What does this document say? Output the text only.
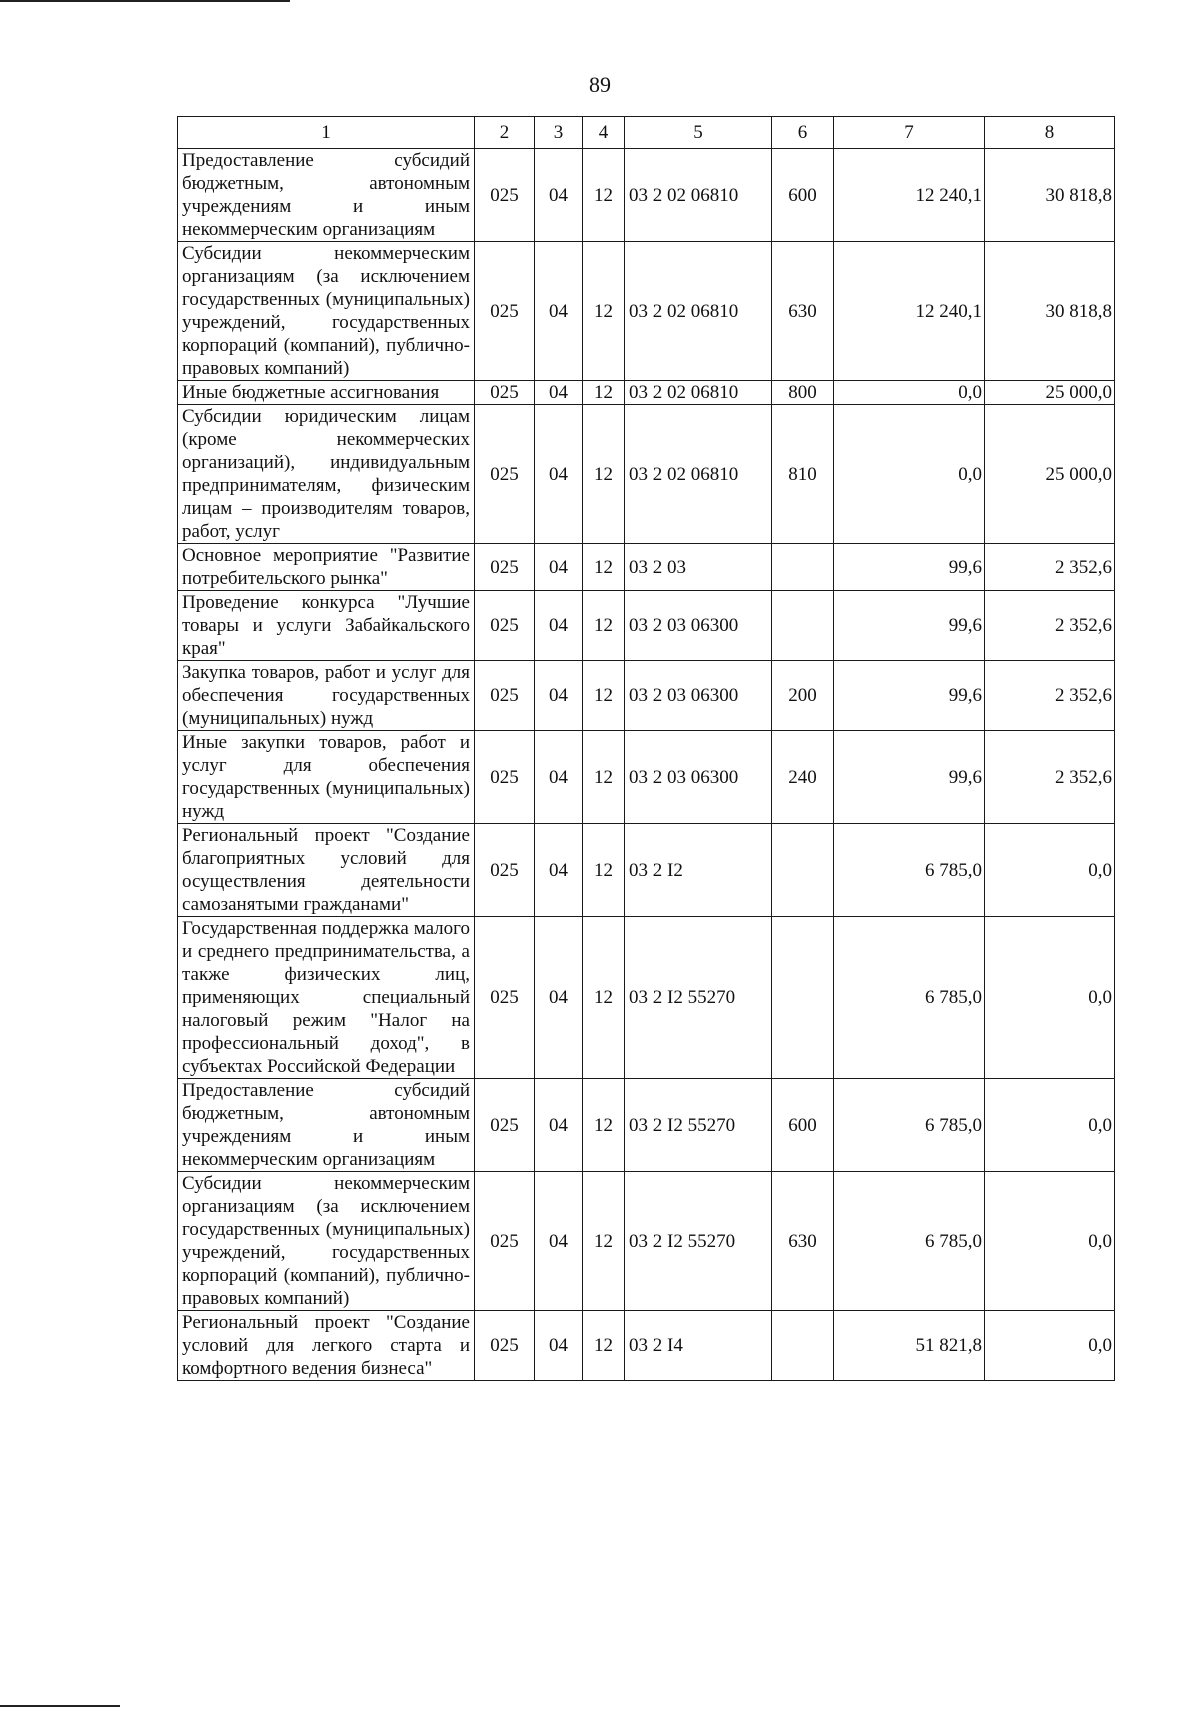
89
1	2	3	4	5	6	7	8
Предоставление субсидий бюджетным, автономным учреждениям и иным некоммерческим организациям	025	04	12	03 2 02 06810	600	12 240,1	30 818,8
Субсидии некоммерческим организациям (за исключением государственных (муниципальных) учреждений, государственных корпораций (компаний), публично-правовых компаний)	025	04	12	03 2 02 06810	630	12 240,1	30 818,8
Иные бюджетные ассигнования	025	04	12	03 2 02 06810	800	0,0	25 000,0
Субсидии юридическим лицам (кроме некоммерческих организаций), индивидуальным предпринимателям, физическим лицам – производителям товаров, работ, услуг	025	04	12	03 2 02 06810	810	0,0	25 000,0
Основное мероприятие "Развитие потребительского рынка"	025	04	12	03 2 03		99,6	2 352,6
Проведение конкурса "Лучшие товары и услуги Забайкальского края"	025	04	12	03 2 03 06300		99,6	2 352,6
Закупка товаров, работ и услуг для обеспечения государственных (муниципальных) нужд	025	04	12	03 2 03 06300	200	99,6	2 352,6
Иные закупки товаров, работ и услуг для обеспечения государственных (муниципальных) нужд	025	04	12	03 2 03 06300	240	99,6	2 352,6
Региональный проект "Создание благоприятных условий для осуществления деятельности самозанятыми гражданами"	025	04	12	03 2 I2		6 785,0	0,0
Государственная поддержка малого и среднего предпринимательства, а также физических лиц, применяющих специальный налоговый режим "Налог на профессиональный доход", в субъектах Российской Федерации	025	04	12	03 2 I2 55270		6 785,0	0,0
Предоставление субсидий бюджетным, автономным учреждениям и иным некоммерческим организациям	025	04	12	03 2 I2 55270	600	6 785,0	0,0
Субсидии некоммерческим организациям (за исключением государственных (муниципальных) учреждений, государственных корпораций (компаний), публично-правовых компаний)	025	04	12	03 2 I2 55270	630	6 785,0	0,0
Региональный проект "Создание условий для легкого старта и комфортного ведения бизнеса"	025	04	12	03 2 I4		51 821,8	0,0
